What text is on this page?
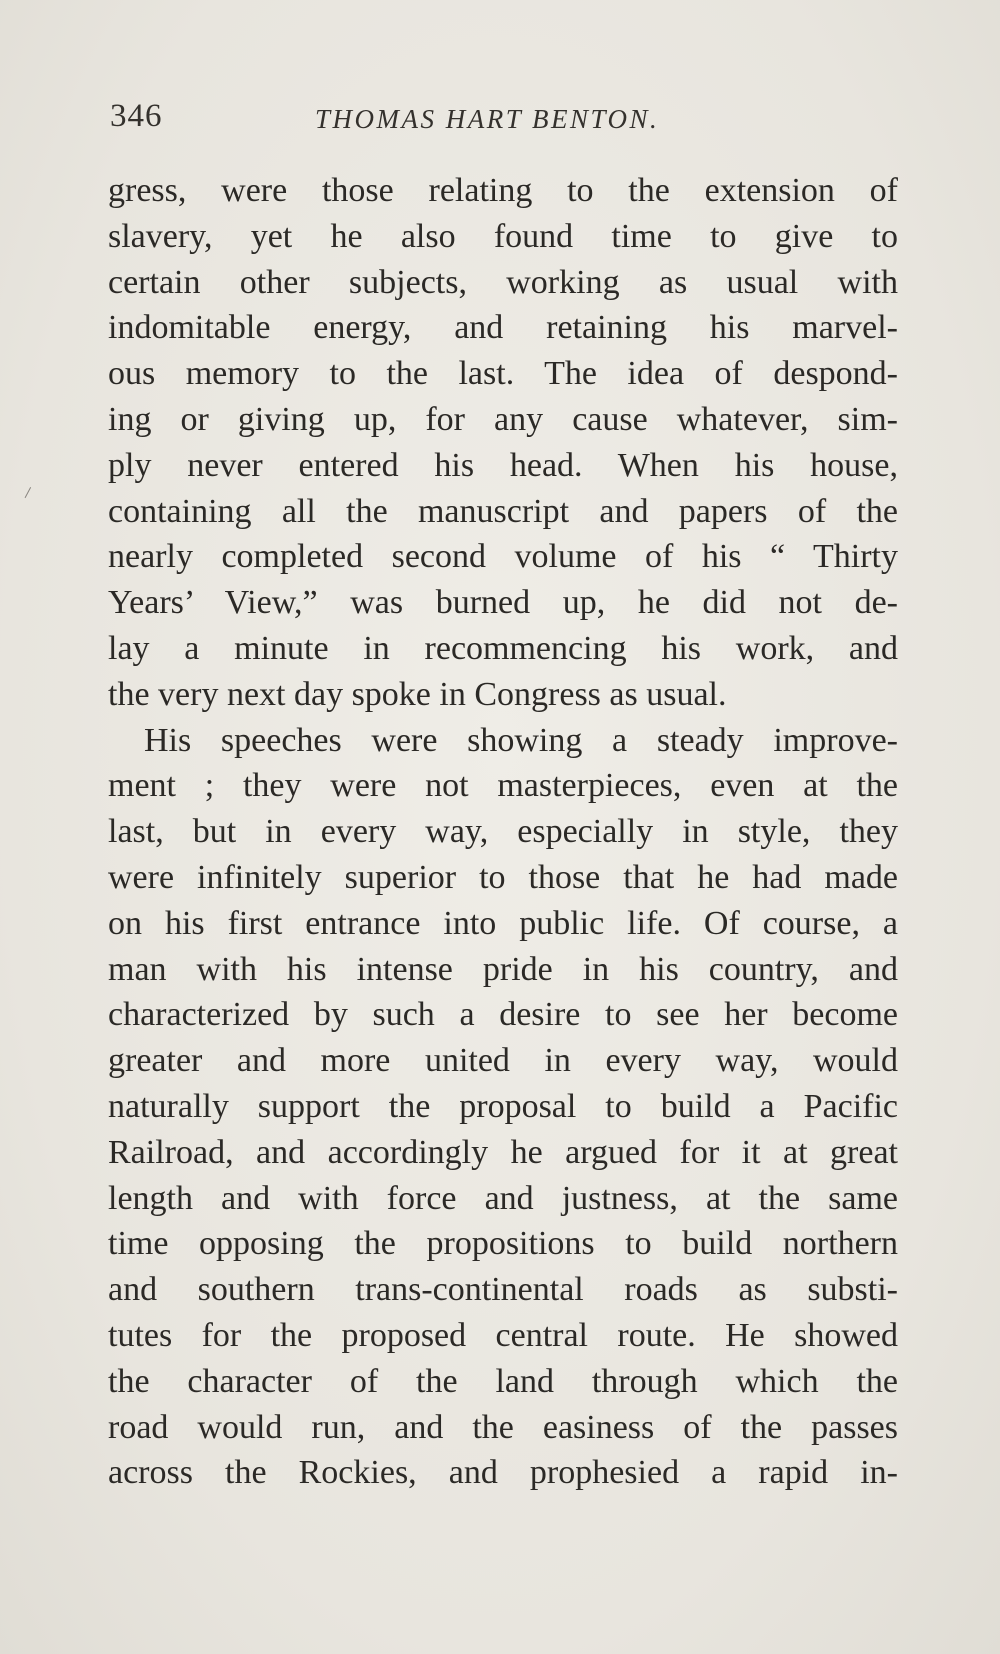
346	THOMAS HART BENTON.
gress, were those relating to the extension of
slavery, yet he also found time to give to
certain other subjects, working as usual with
indomitable energy, and retaining his marvel-
ous memory to the last. The idea of despond-
ing or giving up, for any cause whatever, sim-
ply never entered his head. When his house,
containing all the manuscript and papers of the
nearly completed second volume of his “ Thirty
Years’ View,” was burned up, he did not de-
lay a minute in recommencing his work, and
the very next day spoke in Congress as usual.
His speeches were showing a steady improve-
ment ; they were not masterpieces, even at the
last, but in every way, especially in style, they
were infinitely superior to those that he had made
on his first entrance into public life. Of course, a
man with his intense pride in his country, and
characterized by such a desire to see her become
greater and more united in every way, would
naturally support the proposal to build a Pacific
Railroad, and accordingly he argued for it at great
length and with force and justness, at the same
time opposing the propositions to build northern
and southern trans-continental roads as substi-
tutes for the proposed central route. He showed
the character of the land through which the
road would run, and the easiness of the passes
across the Rockies, and prophesied a rapid in-
